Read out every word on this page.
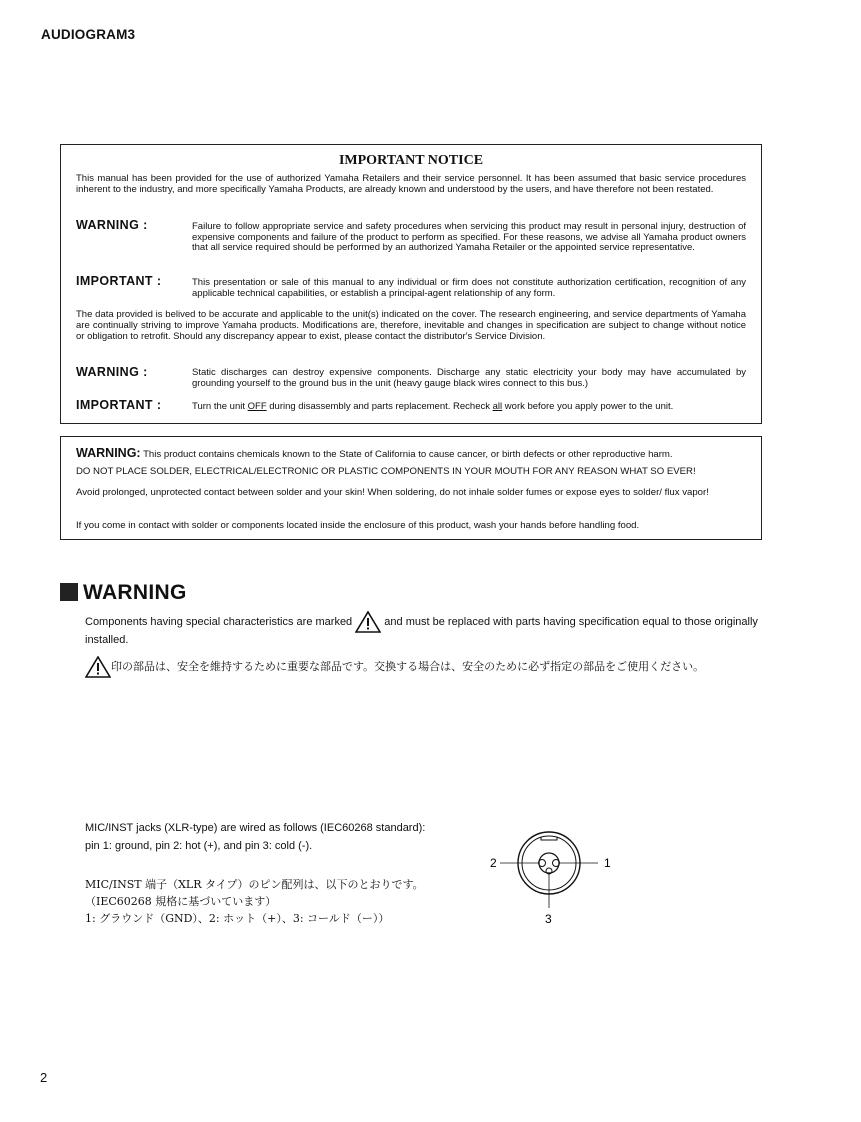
AUDIOGRAM3
IMPORTANT NOTICE
This manual has been provided for the use of authorized Yamaha Retailers and their service personnel. It has been assumed that basic service procedures inherent to the industry, and more specifically Yamaha Products, are already known and understood by the users, and have therefore not been restated.
WARNING :	Failure to follow appropriate service and safety procedures when servicing this product may result in personal injury, destruction of expensive components and failure of the product to perform as specified. For these reasons, we advise all Yamaha product owners that all service required should be performed by an authorized Yamaha Retailer or the appointed service representative.
IMPORTANT :	This presentation or sale of this manual to any individual or firm does not constitute authorization certification, recognition of any applicable technical capabilities, or establish a principal-agent relationship of any form.
The data provided is belived to be accurate and applicable to the unit(s) indicated on the cover. The research engineering, and service departments of Yamaha are continually striving to improve Yamaha products. Modifications are, therefore, inevitable and changes in specification are subject to change without notice or obligation to retrofit. Should any discrepancy appear to exist, please contact the distributor's Service Division.
WARNING :	Static discharges can destroy expensive components. Discharge any static electricity your body may have accumulated by grounding yourself to the ground bus in the unit (heavy gauge black wires connect to this bus.)
IMPORTANT :	Turn the unit OFF during disassembly and parts replacement. Recheck all work before you apply power to the unit.
WARNING: This product contains chemicals known to the State of California to cause cancer, or birth defects or other reproductive harm.
DO NOT PLACE SOLDER, ELECTRICAL/ELECTRONIC OR PLASTIC COMPONENTS IN YOUR MOUTH FOR ANY REASON WHAT SO EVER!
Avoid prolonged, unprotected contact between solder and your skin! When soldering, do not inhale solder fumes or expose eyes to solder/ flux vapor!
If you come in contact with solder or components located inside the enclosure of this product, wash your hands before handling food.
WARNING
Components having special characteristics are marked  and must be replaced with parts having specification equal to those originally installed.
印の部品は、安全を維持するために重要な部品です。交換する場合は、安全のために必ず指定の部品をご使用ください。
MIC/INST jacks (XLR-type) are wired as follows (IEC60268 standard):
pin 1: ground, pin 2: hot (+), and pin 3: cold (-).
MIC/INST 端子（XLR タイプ）のピン配列は、以下のとおりです。
（IEC60268 規格に基づいています）
1: グラウンド（GND）、2: ホット（+）、3: コールド（ー））
1
2
3
2
